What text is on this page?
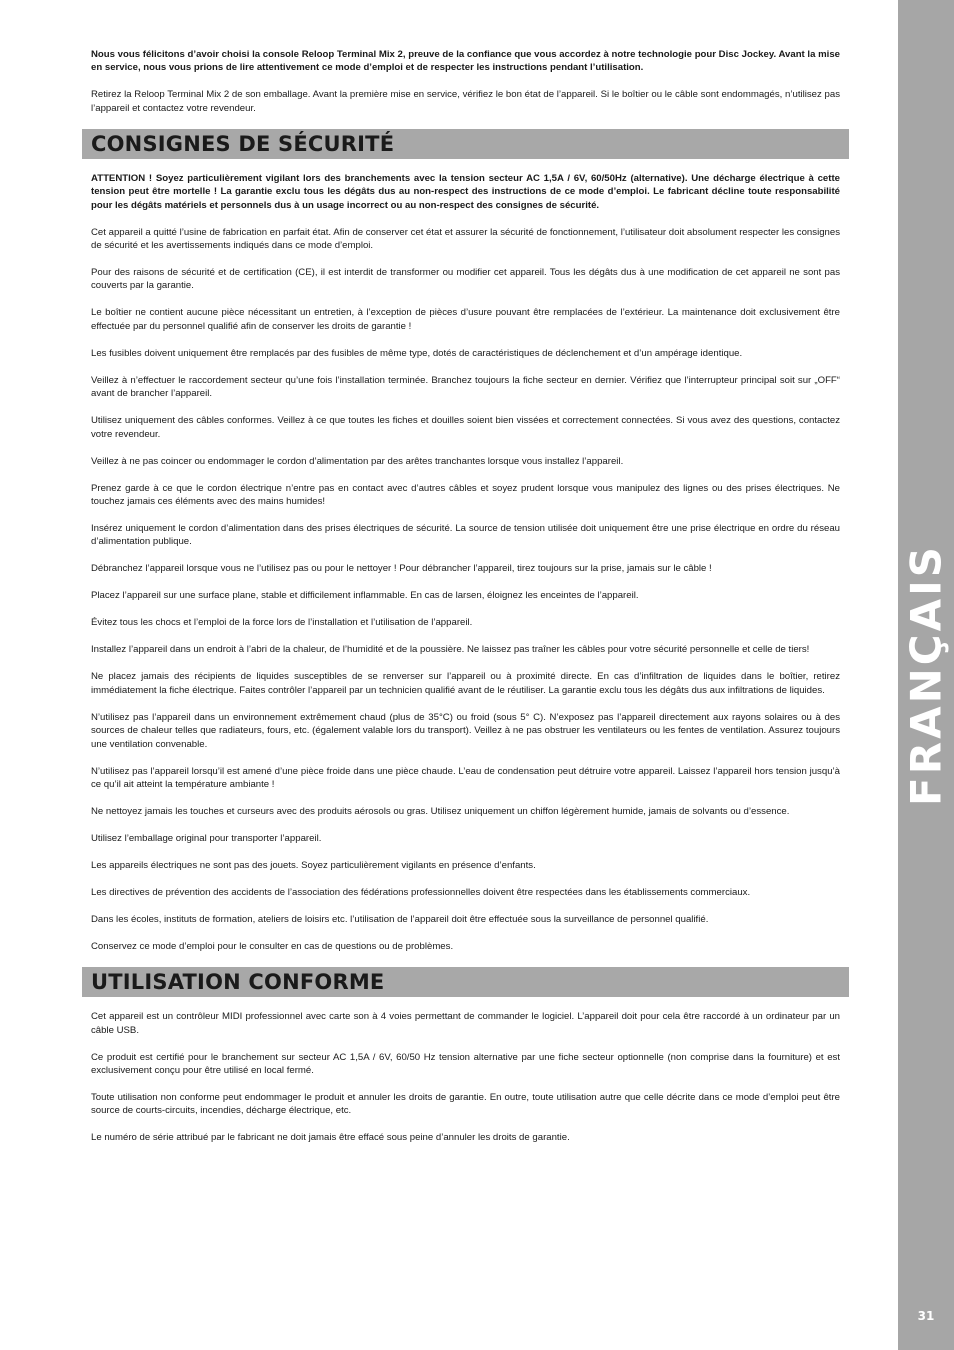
Nous vous félicitons d’avoir choisi la console Reloop Terminal Mix 2, preuve de la confiance que vous accordez à notre technologie pour Disc Jockey. Avant la mise en service, nous vous prions de lire attentivement ce mode d’emploi et de respecter les instructions pendant l’utilisation.

Retirez la Reloop Terminal Mix 2 de son emballage. Avant la première mise en service, vérifiez le bon état de l’appareil. Si le boîtier ou le câble sont endommagés, n’utilisez pas l’appareil et contactez votre revendeur.

CONSIGNES DE SÉCURITÉ

ATTENTION ! Soyez particulièrement vigilant lors des branchements avec la tension secteur AC 1,5A / 6V, 60/50Hz (alternative). Une décharge électrique à cette tension peut être mortelle ! La garantie exclu tous les dégâts dus au non-respect des instructions de ce mode d’emploi. Le fabricant décline toute responsabilité pour les dégâts matériels et personnels dus à un usage incorrect ou au non-respect des consignes de sécurité.

Cet appareil a quitté l’usine de fabrication en parfait état. Afin de conserver cet état et assurer la sécurité de fonctionnement, l’utilisateur doit absolument respecter les consignes de sécurité et les avertissements indiqués dans ce mode d’emploi.

Pour des raisons de sécurité et de certification (CE), il est interdit de transformer ou modifier cet appareil. Tous les dégâts dus à une modification de cet appareil ne sont pas couverts par la garantie.

Le boîtier ne contient aucune pièce nécessitant un entretien, à l’exception de pièces d’usure pouvant être remplacées de l’extérieur. La maintenance doit exclusivement être effectuée par du personnel qualifié afin de conserver les droits de garantie !

Les fusibles doivent uniquement être remplacés par des fusibles de même type, dotés de caractéristiques de déclenchement et d’un ampérage identique.

Veillez à n’effectuer le raccordement secteur qu’une fois l’installation terminée. Branchez toujours la fiche secteur en dernier. Vérifiez que l’interrupteur principal soit sur „OFF“ avant de brancher l’appareil.

Utilisez uniquement des câbles conformes. Veillez à ce que toutes les fiches et douilles soient bien vissées et correctement connectées. Si vous avez des questions, contactez votre revendeur.

Veillez à ne pas coincer ou endommager le cordon d’alimentation par des arêtes tranchantes lorsque vous installez l’appareil.

Prenez garde à ce que le cordon électrique n’entre pas en contact avec d’autres câbles et soyez prudent lorsque vous manipulez des lignes ou des prises électriques. Ne touchez jamais ces éléments avec des mains humides!

Insérez uniquement le cordon d’alimentation dans des prises électriques de sécurité. La source de tension utilisée doit uniquement être une prise électrique en ordre du réseau d’alimentation publique.

Débranchez l’appareil lorsque vous ne l’utilisez pas ou pour le nettoyer ! Pour débrancher l’appareil, tirez toujours sur la prise, jamais sur le câble !

Placez l’appareil sur une surface plane, stable et difficilement inflammable. En cas de larsen, éloignez les enceintes de l’appareil.

Évitez tous les chocs et l’emploi de la force lors de l’installation et l’utilisation de l’appareil.

Installez l’appareil dans un endroit à l’abri de la chaleur, de l’humidité et de la poussière. Ne laissez pas traîner les câbles pour votre sécurité personnelle et celle de tiers!

Ne placez jamais des récipients de liquides susceptibles de se renverser sur l’appareil ou à proximité directe. En cas d’infiltration de liquides dans le boîtier, retirez immédiatement la fiche électrique. Faites contrôler l’appareil par un technicien qualifié avant de le réutiliser. La garantie exclu tous les dégâts dus aux infiltrations de liquides.

N’utilisez pas l’appareil dans un environnement extrêmement chaud (plus de 35°C) ou froid (sous 5° C). N’exposez pas l’appareil directement aux rayons solaires ou à des sources de chaleur telles que radiateurs, fours, etc. (également valable lors du transport). Veillez à ne pas obstruer les ventilateurs ou les fentes de ventilation. Assurez toujours une ventilation convenable.

N’utilisez pas l’appareil lorsqu’il est amené d’une pièce froide dans une pièce chaude. L’eau de condensation peut détruire votre appareil. Laissez l’appareil hors tension jusqu’à ce qu’il ait atteint la température ambiante !

Ne nettoyez jamais les touches et curseurs avec des produits aérosols ou gras. Utilisez uniquement un chiffon légèrement humide, jamais de solvants ou d’essence.

Utilisez l’emballage original pour transporter l’appareil.

Les appareils électriques ne sont pas des jouets. Soyez particulièrement vigilants en présence d’enfants.

Les directives de prévention des accidents de l’association des fédérations professionnelles doivent être respectées dans les établissements commerciaux.

Dans les écoles, instituts de formation, ateliers de loisirs etc. l’utilisation de l’appareil doit être effectuée sous la surveillance de personnel qualifié.

Conservez ce mode d’emploi pour le consulter en cas de questions ou de problèmes.

UTILISATION CONFORME

Cet appareil est un contrôleur MIDI professionnel avec carte son à 4 voies permettant de commander le logiciel. L’appareil doit pour cela être raccordé à un ordinateur par un câble USB.

Ce produit est certifié pour le branchement sur secteur AC 1,5A / 6V, 60/50 Hz tension alternative par une fiche secteur optionnelle (non comprise dans la fourniture) et est exclusivement conçu pour être utilisé en local fermé.

Toute utilisation non conforme peut endommager le produit et annuler les droits de garantie. En outre, toute utilisation autre que celle décrite dans ce mode d’emploi peut être source de courts-circuits, incendies, décharge électrique, etc.

Le numéro de série attribué par le fabricant ne doit jamais être effacé sous peine d’annuler les droits de garantie.

FRANÇAIS
31
